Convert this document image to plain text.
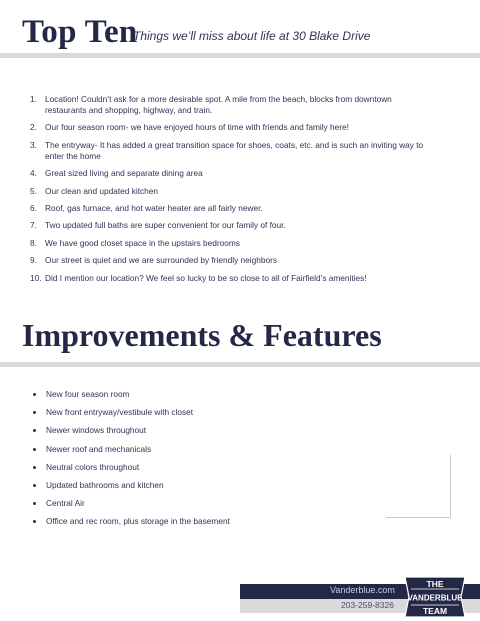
Top Ten
Things we’ll miss about life at 30 Blake Drive
1. Location! Couldn’t ask for a more desirable spot. A mile from the beach, blocks from downtown restaurants and shopping, highway, and train.
2. Our four season room- we have enjoyed hours of time with friends and family here!
3. The entryway- It has added a great transition space for shoes, coats, etc. and is such an inviting way to enter the home
4. Great sized living and separate dining area
5. Our clean and updated kitchen
6. Roof, gas furnace, and hot water heater are all fairly newer.
7. Two updated full baths are super convenient for our family of four.
8. We have good closet space in the upstairs bedrooms
9. Our street is quiet and we are surrounded by friendly neighbors
10. Did I mention our location? We feel so lucky to be so close to all of Fairfield’s amenities!
Improvements & Features
New four season room
New front entryway/vestibule with closet
Newer windows throughout
Newer roof and mechanicals
Neutral colors throughout
Updated bathrooms and kitchen
Central Air
Office and rec room, plus storage in the basement
Vanderblue.com
203-259-8326
THE
VANDERBLUE
TEAM
